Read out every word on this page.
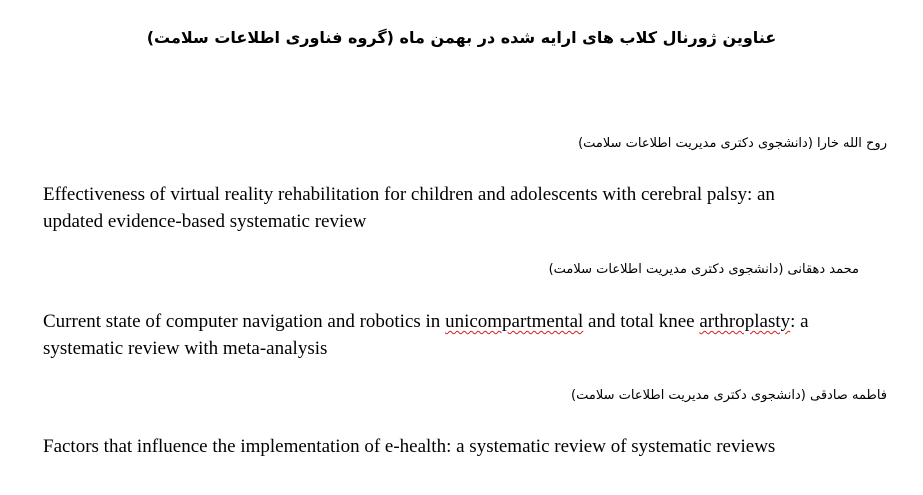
عناوین ژورنال کلاب های ارایه شده در بهمن ماه (گروه فناوری اطلاعات سلامت)

روح الله خارا (دانشجوی دکتری مدیریت اطلاعات سلامت)

Effectiveness of virtual reality rehabilitation for children and adolescents with cerebral palsy: an
updated evidence-based systematic review

محمد دهقانی (دانشجوی دکتری مدیریت اطلاعات سلامت)

Current state of computer navigation and robotics in unicompartmental and total knee arthroplasty: a
systematic review with meta-analysis

فاطمه صادقی (دانشجوی دکتری مدیریت اطلاعات سلامت)

Factors that influence the implementation of e-health: a systematic review of systematic reviews
